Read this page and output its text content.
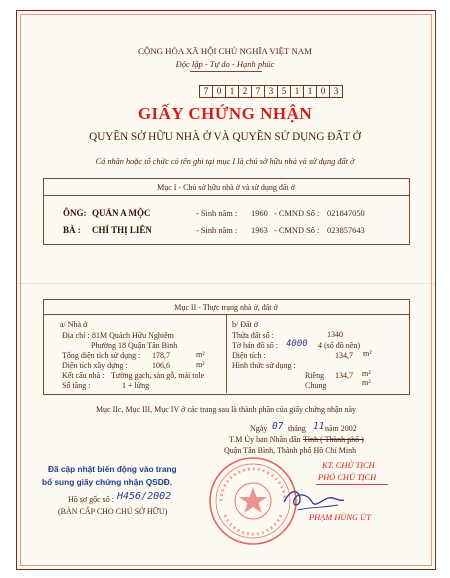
CỘNG HÒA XÃ HỘI CHỦ NGHĨA VIỆT NAM
Độc lập - Tự do - Hạnh phúc
7 0 1 2 7 3 5 1 1 0 3
GIẤY CHỨNG NHẬN
QUYỀN SỞ HỮU NHÀ Ở VÀ QUYỀN SỬ DỤNG ĐẤT Ở
Cá nhân hoặc tổ chức có tên ghi tại mục I là chủ sở hữu nhà và sử dụng đất ở
Mục I - Chủ sở hữu nhà ở và sử dụng đất ở
ÔNG: QUẢN A MỘC	- Sinh năm : 1960 - CMND Số : 021847050
BÀ : CHÍ THỊ LIÊN	- Sinh năm : 1963 - CMND Số : 023857643
Mục II - Thực trạng nhà ở, đất ở
a/ Nhà ở
Địa chỉ : 81M Quách Hữu Nghiêm
Phường 18 Quận Tân Bình
Tổng diện tích sử dụng : 178,7	m²
Diện tích xây dựng :	106,6	m²
Kết cấu nhà : Tường gạch, sàn gỗ, mái tole
Số tầng :	1 + lửng
b/ Đất ở
Thửa đất số :	1340
Tờ bản đồ số : 4000 4 (sổ đồ nền)
Diện tích :	134,7 m²
Hình thức sử dụng :
Riêng 134,7 m²
Chung	m²
Mục IIc, Mục III, Mục IV ở các trang sau là thành phần của giấy chứng nhận này
Ngày 07 tháng 11 năm 2002
T.M Ủy ban Nhân dân Tỉnh ( Thành phố )
Quận Tân Bình, Thành phố Hồ Chí Minh
KT. CHỦ TỊCH
PHÓ CHỦ TỊCH
PHẠM HÙNG ÚT
Đã cập nhật biến động vào trang
bổ sung giấy chứng nhận QSDĐ.
Hồ sơ gốc số : H456/2002
(BẢN CẤP CHO CHỦ SỞ HỮU)
